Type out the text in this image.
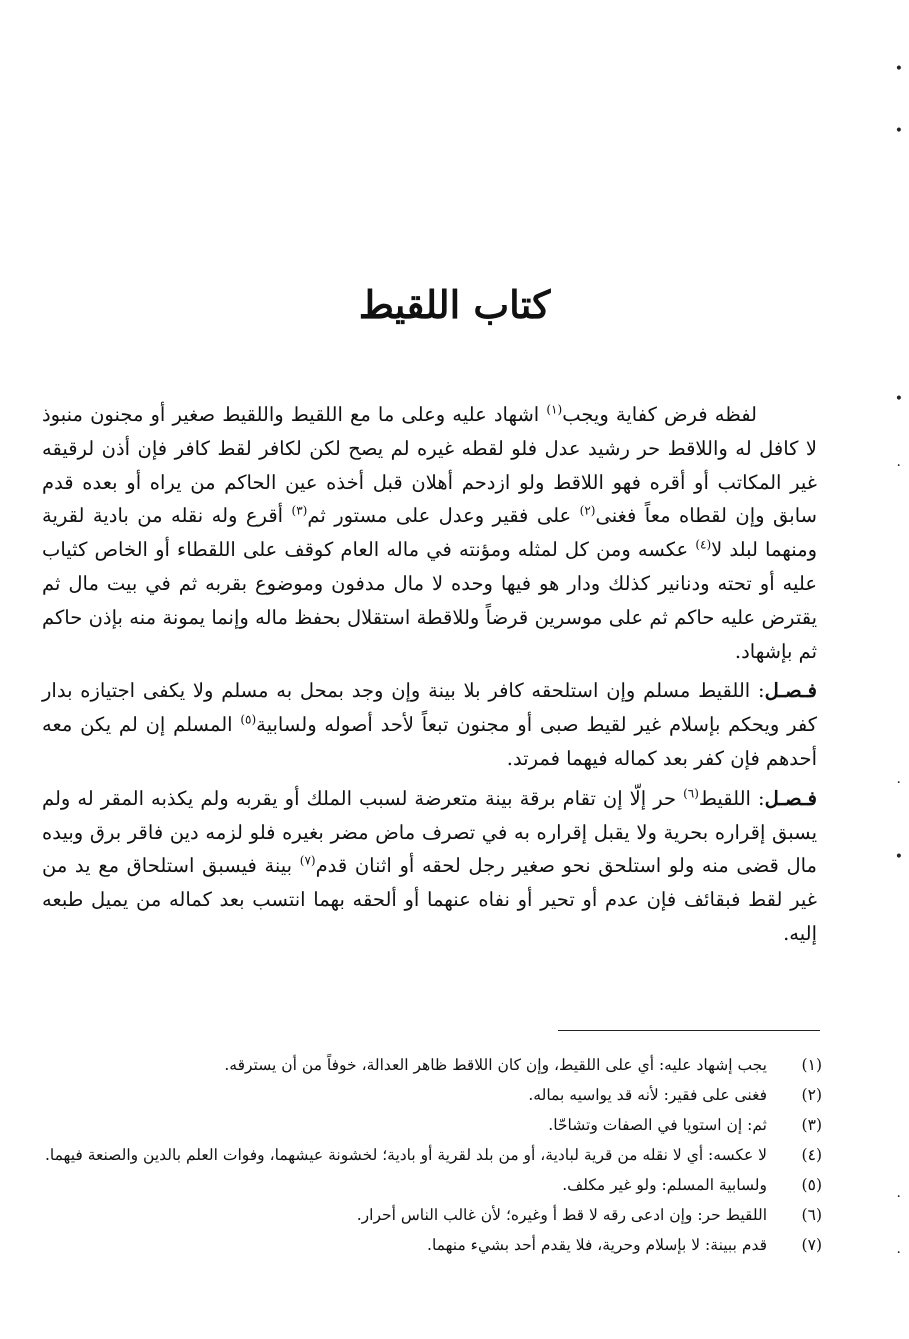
كتاب اللقيط

لفظه فرض كفاية ويجب$^{(١)}$ اشهاد عليه وعلى ما مع اللقيط واللقيط صغير أو مجنون منبوذ لا كافل له واللاقط حر رشيد عدل فلو لقطه غيره لم يصح لكن لكافر لقط كافر فإن أذن لرقيقه غير المكاتب أو أقره فهو اللاقط ولو ازدحم أهلان قبل أخذه عين الحاكم من يراه أو بعده قدم سابق وإن لقطاه معاً فغنى$^{(٢)}$ على فقير وعدل على مستور ثم$^{(٣)}$ أقرع وله نقله من بادية لقرية ومنهما لبلد لا$^{(٤)}$ عكسه ومن كل لمثله ومؤنته في ماله العام كوقف على اللقطاء أو الخاص كثياب عليه أو تحته ودنانير كذلك ودار هو فيها وحده لا مال مدفون وموضوع بقربه ثم في بيت مال ثم يقترض عليه حاكم ثم على موسرين قرضاً وللاقطة استقلال بحفظ ماله وإنما يمونة منه بإذن حاكم ثم بإشهاد.

فـصـل: اللقيط مسلم وإن استلحقه كافر بلا بينة وإن وجد بمحل به مسلم ولا يكفى اجتيازه بدار كفر ويحكم بإسلام غير لقيط صبى أو مجنون تبعاً لأحد أصوله ولسابية$^{(٥)}$ المسلم إن لم يكن معه أحدهم فإن كفر بعد كماله فيهما فمرتد.

فـصـل: اللقيط$^{(٦)}$ حر إلّا إن تقام برقة بينة متعرضة لسبب الملك أو يقربه ولم يكذبه المقر له ولم يسبق إقراره بحرية ولا يقبل إقراره به في تصرف ماض مضر بغيره فلو لزمه دين فاقر برق وبيده مال قضى منه ولو استلحق نحو صغير رجل لحقه أو اثنان قدم$^{(٧)}$ بينة فيسبق استلحاق مع يد من غير لقط فبقائف فإن عدم أو تحير أو نفاه عنهما أو ألحقه بهما انتسب بعد كماله من يميل طبعه إليه.

(١)
يجب إشهاد عليه: أي على اللقيط، وإن كان اللاقط ظاهر العدالة، خوفاً من أن يسترقه.
(٢)
فغنى على فقير: لأنه قد يواسيه بماله.
(٣)
ثم: إن استويا في الصفات وتشاحّا.
(٤)
لا عكسه: أي لا نقله من قرية لبادية، أو من بلد لقرية أو بادية؛ لخشونة عيشهما، وفوات العلم بالدين والصنعة فيهما.
(٥)
ولسابية المسلم: ولو غير مكلف.
(٦)
اللقيط حر: وإن ادعى رقه لا قط أ وغيره؛ لأن غالب الناس أحرار.
(٧)
قدم ببينة: لا بإسلام وحرية، فلا يقدم أحد بشيء منهما.
•
•
•
·
·
•
·
·
